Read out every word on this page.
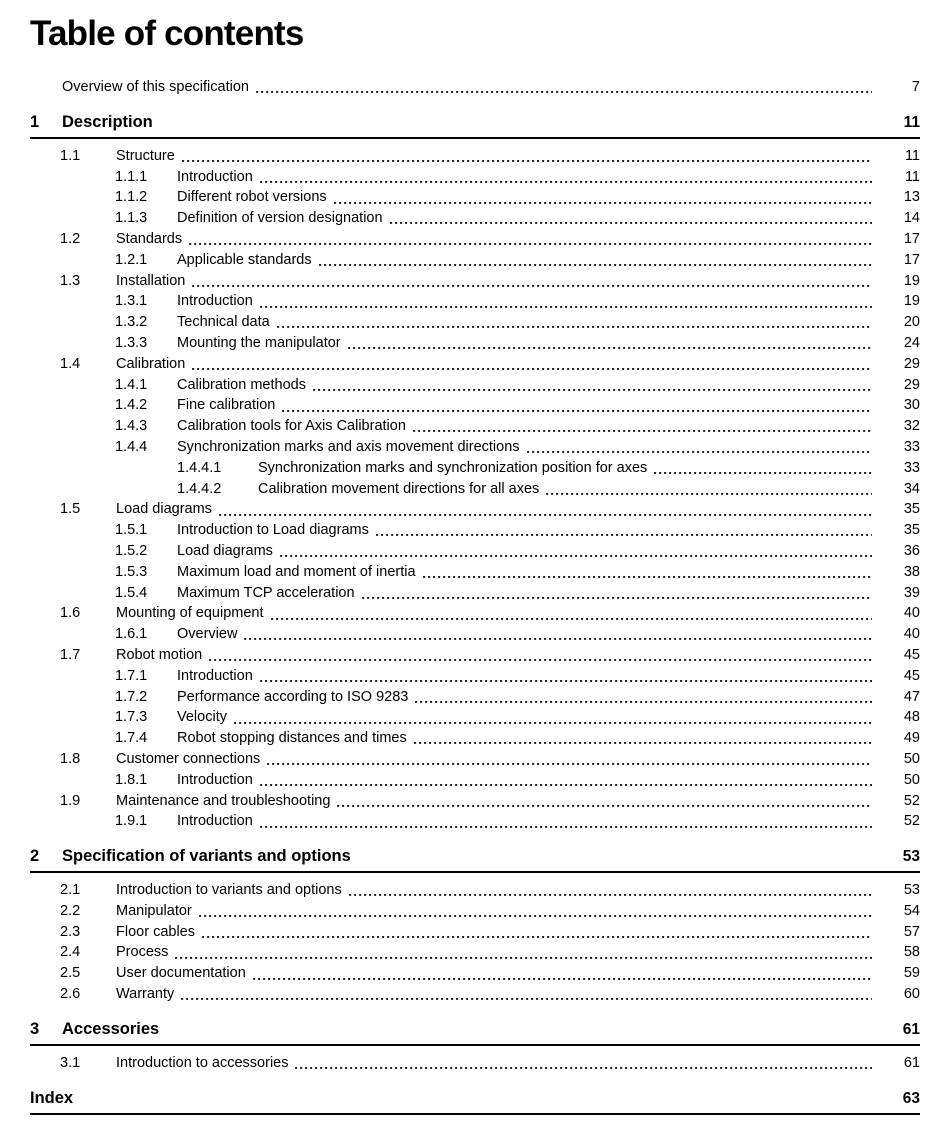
Table of contents
Overview of this specification	7
1	Description	11
1.1	Structure	11
1.1.1	Introduction	11
1.1.2	Different robot versions	13
1.1.3	Definition of version designation	14
1.2	Standards	17
1.2.1	Applicable standards	17
1.3	Installation	19
1.3.1	Introduction	19
1.3.2	Technical data	20
1.3.3	Mounting the manipulator	24
1.4	Calibration	29
1.4.1	Calibration methods	29
1.4.2	Fine calibration	30
1.4.3	Calibration tools for Axis Calibration	32
1.4.4	Synchronization marks and axis movement directions	33
1.4.4.1	Synchronization marks and synchronization position for axes	33
1.4.4.2	Calibration movement directions for all axes	34
1.5	Load diagrams	35
1.5.1	Introduction to Load diagrams	35
1.5.2	Load diagrams	36
1.5.3	Maximum load and moment of inertia	38
1.5.4	Maximum TCP acceleration	39
1.6	Mounting of equipment	40
1.6.1	Overview	40
1.7	Robot motion	45
1.7.1	Introduction	45
1.7.2	Performance according to ISO 9283	47
1.7.3	Velocity	48
1.7.4	Robot stopping distances and times	49
1.8	Customer connections	50
1.8.1	Introduction	50
1.9	Maintenance and troubleshooting	52
1.9.1	Introduction	52
2	Specification of variants and options	53
2.1	Introduction to variants and options	53
2.2	Manipulator	54
2.3	Floor cables	57
2.4	Process	58
2.5	User documentation	59
2.6	Warranty	60
3	Accessories	61
3.1	Introduction to accessories	61
Index	63
